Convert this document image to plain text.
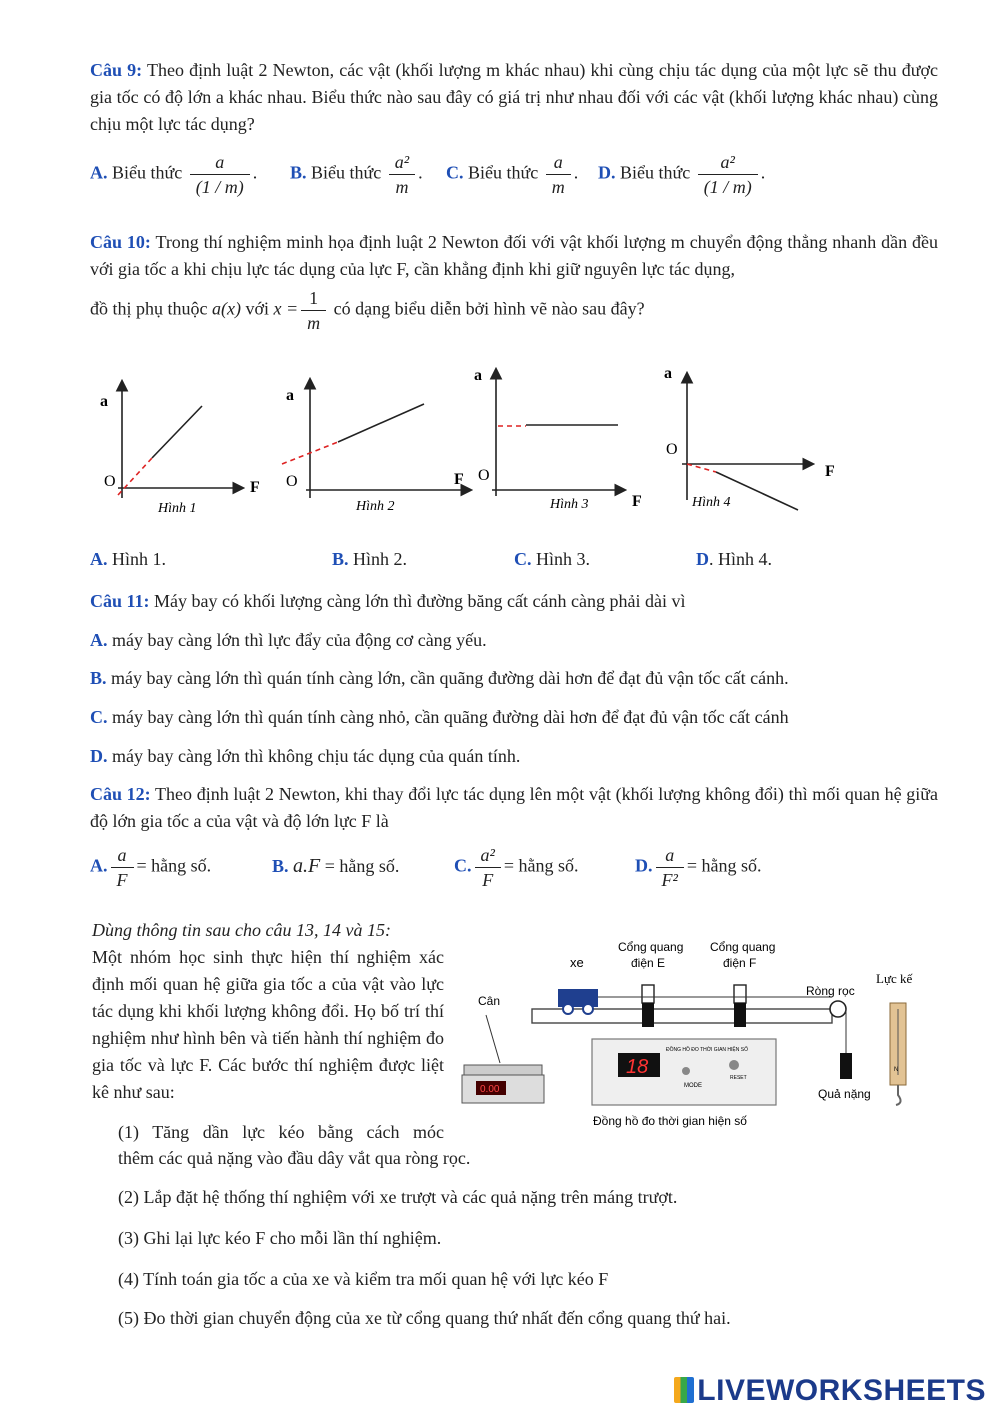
Câu 9: Theo định luật 2 Newton, các vật (khối lượng m khác nhau) khi cùng chịu tác dụng của một lực sẽ thu được gia tốc có độ lớn a khác nhau. Biểu thức nào sau đây có giá trị như nhau đối với các vật (khối lượng khác nhau) cùng chịu một lực tác dụng?
A. Biểu thức $\frac{a}{(1 / m)}$ . B. Biểu thức $\frac{\text{a²}}{m}$ . C. Biểu thức $\frac{a}{m}$ . D. Biểu thức $\frac{\text{a²}}{(1 / m)}$ .
Câu 10: Trong thí nghiệm minh họa định luật 2 Newton đối với vật khối lượng m chuyển động thẳng nhanh dần đều với gia tốc a khi chịu lực tác dụng của lực F, cần khẳng định khi giữ nguyên lực tác dụng,
đồ thị phụ thuộc a(x) với $x = \frac{1}{m}$ có dạng biểu diễn bởi hình vẽ nào sau đây?
a
O	F
Hình 1
a
O	F
Hình 2
a
O
F
Hình 3
a
O
F
Hình 4
A. Hình 1.	B. Hình 2.	C. Hình 3.	D. Hình 4.
Câu 11: Máy bay có khối lượng càng lớn thì đường băng cất cánh càng phải dài vì
A. máy bay càng lớn thì lực đẩy của động cơ càng yếu.
B. máy bay càng lớn thì quán tính càng lớn, cần quãng đường dài hơn để đạt đủ vận tốc cất cánh.
C. máy bay càng lớn thì quán tính càng nhỏ, cần quãng đường dài hơn để đạt đủ vận tốc cất cánh
D. máy bay càng lớn thì không chịu tác dụng của quán tính.
Câu 12: Theo định luật 2 Newton, khi thay đổi lực tác dụng lên một vật (khối lượng không đổi) thì mối quan hệ giữa độ lớn gia tốc a của vật và độ lớn lực F là
A. $\frac{a}{F}$ = hằng số.	B. a.F = hằng số.	C. $\frac{\text{a²}}{F}$ = hằng số.	D. $\frac{a}{\text{F²}}$ = hằng số.
Dùng thông tin sau cho câu 13, 14 và 15:
Một nhóm học sinh thực hiện thí nghiệm xác định mối quan hệ giữa gia tốc a của vật vào lực tác dụng khi khối lượng không đổi. Họ bố trí thí nghiệm như hình bên và tiến hành thí nghiệm đo gia tốc và lực F. Các bước thí nghiệm được liệt kê như sau:
xe
Cổng quang
điện E
Cổng quang
điện F
Ròng rọc
Quả nặng
Cân
0.00
ĐỒNG HỒ ĐO THỜI GIAN HIỆN SỐ
18
MODE
RESET
Đồng hồ đo thời gian hiện số
Lực kế
N
(1) Tăng dần lực kéo bằng cách móc
thêm các quả nặng vào đầu dây vắt qua ròng rọc.
(2) Lắp đặt hệ thống thí nghiệm với xe trượt và các quả nặng trên máng trượt.
(3) Ghi lại lực kéo F cho mỗi lần thí nghiệm.
(4) Tính toán gia tốc a của xe và kiểm tra mối quan hệ với lực kéo F
(5) Đo thời gian chuyển động của xe từ cổng quang thứ nhất đến cổng quang thứ hai.
LIVEWORKSHEETS
